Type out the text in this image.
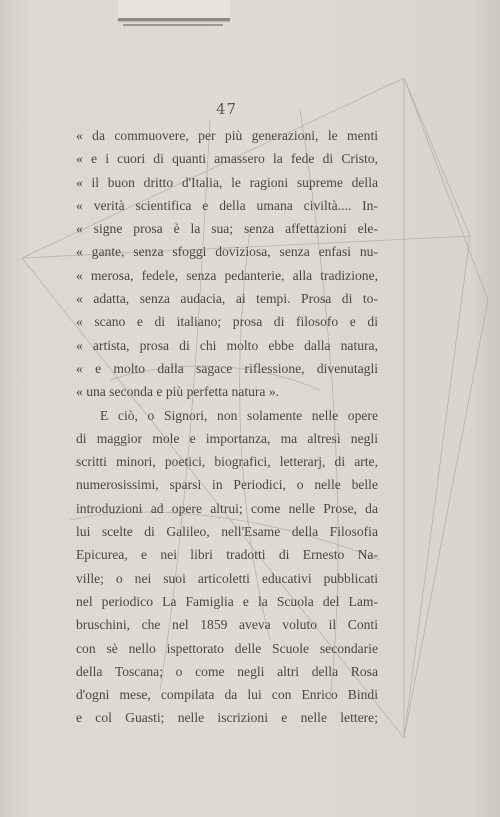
47
« da commuovere, per più generazioni, le menti
« e i cuori di quanti amassero la fede di Cristo,
« il buon dritto d'Italia, le ragioni supreme della
« verità scientifica e della umana civiltà.... In-
« signe prosa è la sua; senza affettazioni ele-
« gante, senza sfoggi doviziosa, senza enfasi nu-
« merosa, fedele, senza pedanterie, alla tradizione,
« adatta, senza audacia, ai tempi. Prosa di to-
« scano e di italiano; prosa di filosofo e di
« artista, prosa di chi molto ebbe dalla natura,
« e molto dalla sagace riflessione, divenutagli
« una seconda e più perfetta natura ».
E ciò, o Signori, non solamente nelle opere
di maggior mole e importanza, ma altresì negli
scritti minori, poetici, biografici, letterarj, di arte,
numerosissimi, sparsi in Periodici, o nelle belle
introduzioni ad opere altrui; come nelle Prose, da
lui scelte di Galileo, nell'Esame della Filosofia
Epicurea, e nei libri tradotti di Ernesto Na-
ville; o nei suoi articoletti educativi pubblicati
nel periodico La Famiglia e la Scuola del Lam-
bruschini, che nel 1859 aveva voluto il Conti
con sè nello ispettorato delle Scuole secondarie
della Toscana; o come negli altri della Rosa
d'ogni mese, compilata da lui con Enrico Bindi
e col Guasti; nelle iscrizioni e nelle lettere;
